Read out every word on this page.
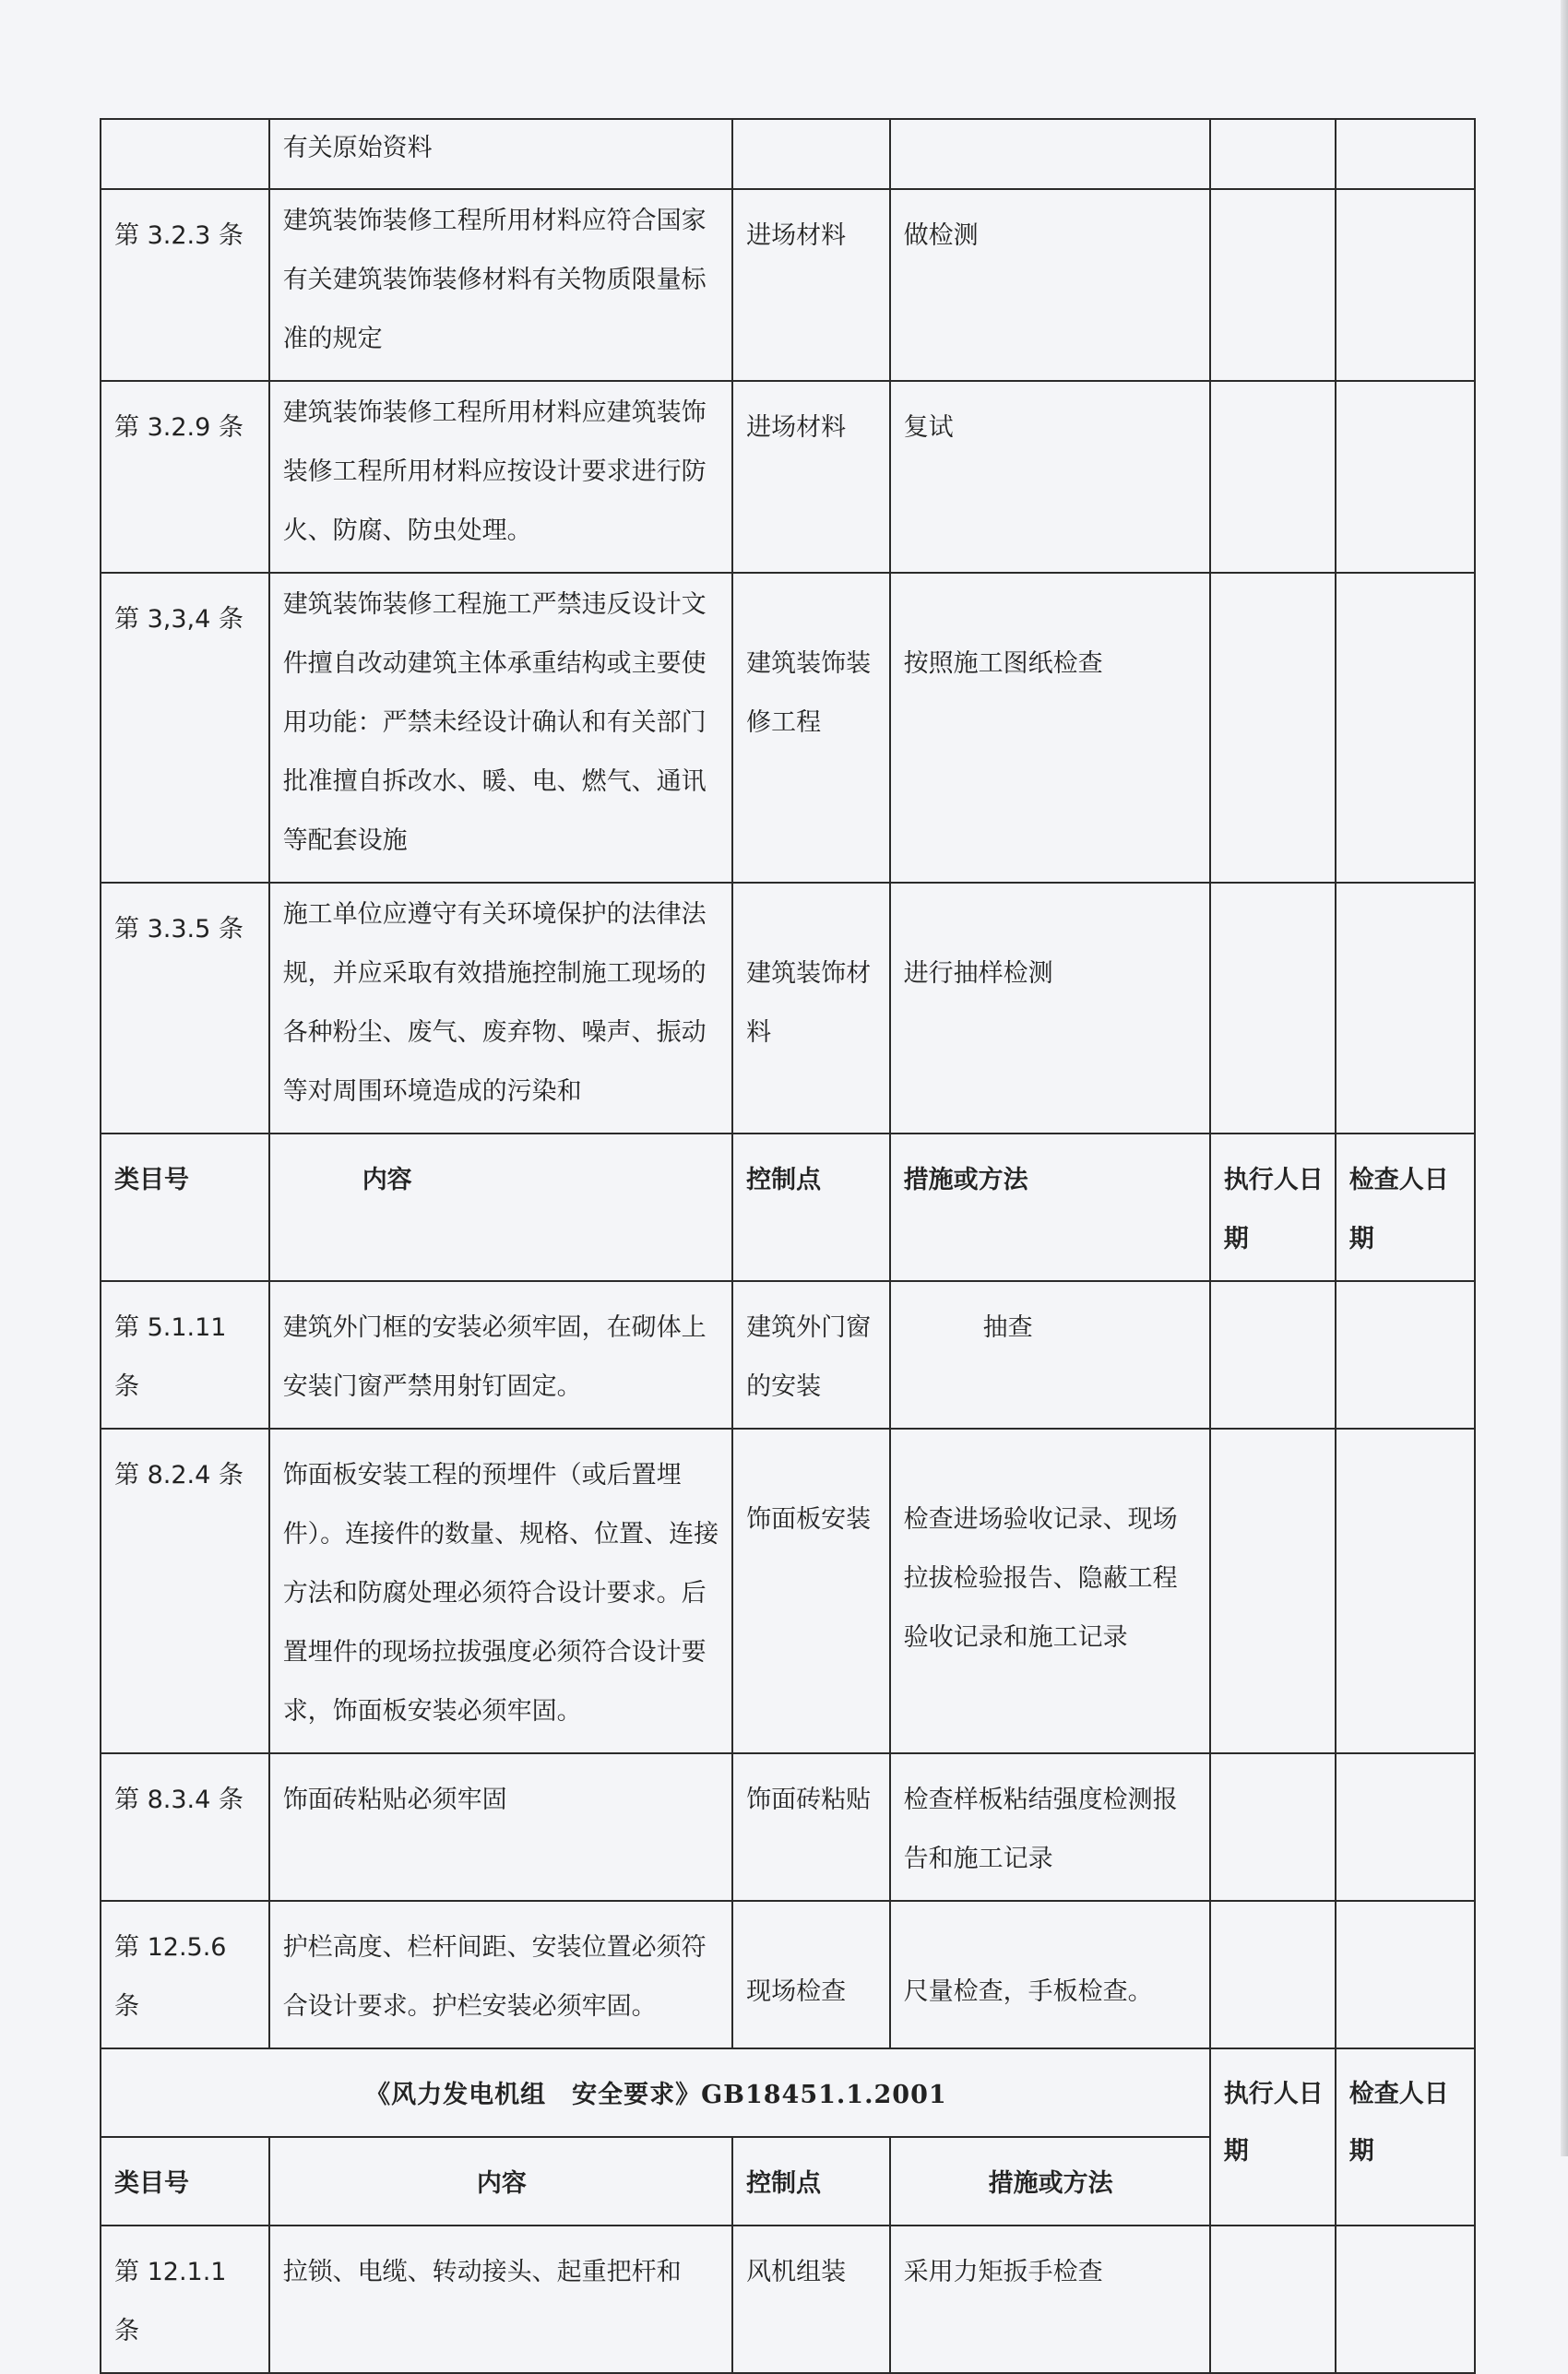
	有关原始资料				
第 3.2.3 条	建筑装饰装修工程所用材料应符合国家有关建筑装饰装修材料有关物质限量标准的规定	进场材料	做检测		
第 3.2.9 条	建筑装饰装修工程所用材料应建筑装饰装修工程所用材料应按设计要求进行防火、防腐、防虫处理。	进场材料	复试		
第 3,3,4 条	建筑装饰装修工程施工严禁违反设计文件擅自改动建筑主体承重结构或主要使用功能：严禁未经设计确认和有关部门批准擅自拆改水、暖、电、燃气、通讯等配套设施	建筑装饰装修工程	按照施工图纸检查		
第 3.3.5 条	施工单位应遵守有关环境保护的法律法规，并应采取有效措施控制施工现场的各种粉尘、废气、废弃物、噪声、振动等对周围环境造成的污染和	建筑装饰材料	进行抽样检测		
类目号	内容	控制点	措施或方法	执行人日期	检查人日期
第 5.1.11 条	建筑外门框的安装必须牢固，在砌体上安装门窗严禁用射钉固定。	建筑外门窗的安装	抽查		
第 8.2.4 条	饰面板安装工程的预埋件（或后置埋件）。连接件的数量、规格、位置、连接方法和防腐处理必须符合设计要求。后置埋件的现场拉拔强度必须符合设计要求，饰面板安装必须牢固。	饰面板安装	检查进场验收记录、现场拉拔检验报告、隐蔽工程验收记录和施工记录		
第 8.3.4 条	饰面砖粘贴必须牢固	饰面砖粘贴	检查样板粘结强度检测报告和施工记录		
第 12.5.6 条	护栏高度、栏杆间距、安装位置必须符合设计要求。护栏安装必须牢固。	现场检查	尺量检查，手板检查。		
《风力发电机组　安全要求》GB18451.1.2001				执行人日期	检查人日期
类目号	内容	控制点	措施或方法		
第 12.1.1 条	拉锁、电缆、转动接头、起重把杆和	风机组装	采用力矩扳手检查		
